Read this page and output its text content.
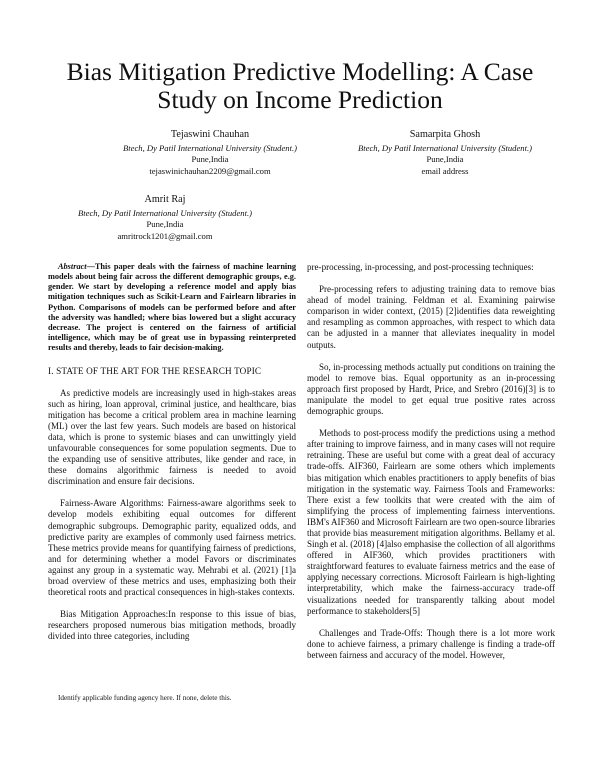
Bias Mitigation Predictive Modelling: A Case Study on Income Prediction
Tejaswini Chauhan
Btech, Dy Patil International University (Student.)
Pune,India
tejaswinichauhan2209@gmail.com
Samarpita Ghosh
Btech, Dy Patil International University (Student.)
Pune,India
email address
Amrit Raj
Btech, Dy Patil International University (Student.)
Pune,India
amritrock1201@gmail.com

Abstract—This paper deals with the fairness of machine learning models about being fair across the different demographic groups, e.g. gender. We start by developing a reference model and apply bias mitigation techniques such as Scikit-Learn and Fairlearn libraries in Python. Comparisons of models can be performed before and after the adversity was handled; where bias lowered but a slight accuracy decrease. The project is centered on the fairness of artificial intelligence, which may be of great use in bypassing reinterpreted results and thereby, leads to fair decision-making.

I. STATE OF THE ART FOR THE RESEARCH TOPIC

As predictive models are increasingly used in high-stakes areas such as hiring, loan approval, criminal justice, and healthcare, bias mitigation has become a critical problem area in machine learning (ML) over the last few years. Such models are based on historical data, which is prone to systemic biases and can unwittingly yield unfavourable consequences for some population segments. Due to the expanding use of sensitive attributes, like gender and race, in these domains algorithmic fairness is needed to avoid discrimination and ensure fair decisions.

Fairness-Aware Algorithms: Fairness-aware algorithms seek to develop models exhibiting equal outcomes for different demographic subgroups. Demographic parity, equalized odds, and predictive parity are examples of commonly used fairness metrics. These metrics provide means for quantifying fairness of predictions, and for determining whether a model Favors or discriminates against any group in a systematic way. Mehrabi et al. (2021) [1]a broad overview of these metrics and uses, emphasizing both their theoretical roots and practical consequences in high-stakes contexts.

Bias Mitigation Approaches:In response to this issue of bias, researchers proposed numerous bias mitigation methods, broadly divided into three categories, including

pre-processing, in-processing, and post-processing techniques:

Pre-processing refers to adjusting training data to remove bias ahead of model training. Feldman et al. Examining pairwise comparison in wider context, (2015) [2]identifies data reweighting and resampling as common approaches, with respect to which data can be adjusted in a manner that alleviates inequality in model outputs.

So, in-processing methods actually put conditions on training the model to remove bias. Equal opportunity as an in-processing approach first proposed by Hardt, Price, and Srebro (2016)[3] is to manipulate the model to get equal true positive rates across demographic groups.

Methods to post-process modify the predictions using a method after training to improve fairness, and in many cases will not require retraining. These are useful but come with a great deal of accuracy trade-offs. AIF360, Fairlearn are some others which implements bias mitigation which enables practitioners to apply benefits of bias mitigation in the systematic way. Fairness Tools and Frameworks: There exist a few toolkits that were created with the aim of simplifying the process of implementing fairness interventions. IBM's AIF360 and Microsoft Fairlearn are two open-source libraries that provide bias measurement mitigation algorithms. Bellamy et al. Singh et al. (2018) [4]also emphasise the collection of all algorithms offered in AIF360, which provides practitioners with straightforward features to evaluate fairness metrics and the ease of applying necessary corrections. Microsoft Fairlearn is high-lighting interpretability, which make the fairness-accuracy trade-off visualizations needed for transparently talking about model performance to stakeholders[5]

Challenges and Trade-Offs: Though there is a lot more work done to achieve fairness, a primary challenge is finding a trade-off between fairness and accuracy of the model. However,

Identify applicable funding agency here. If none, delete this.
